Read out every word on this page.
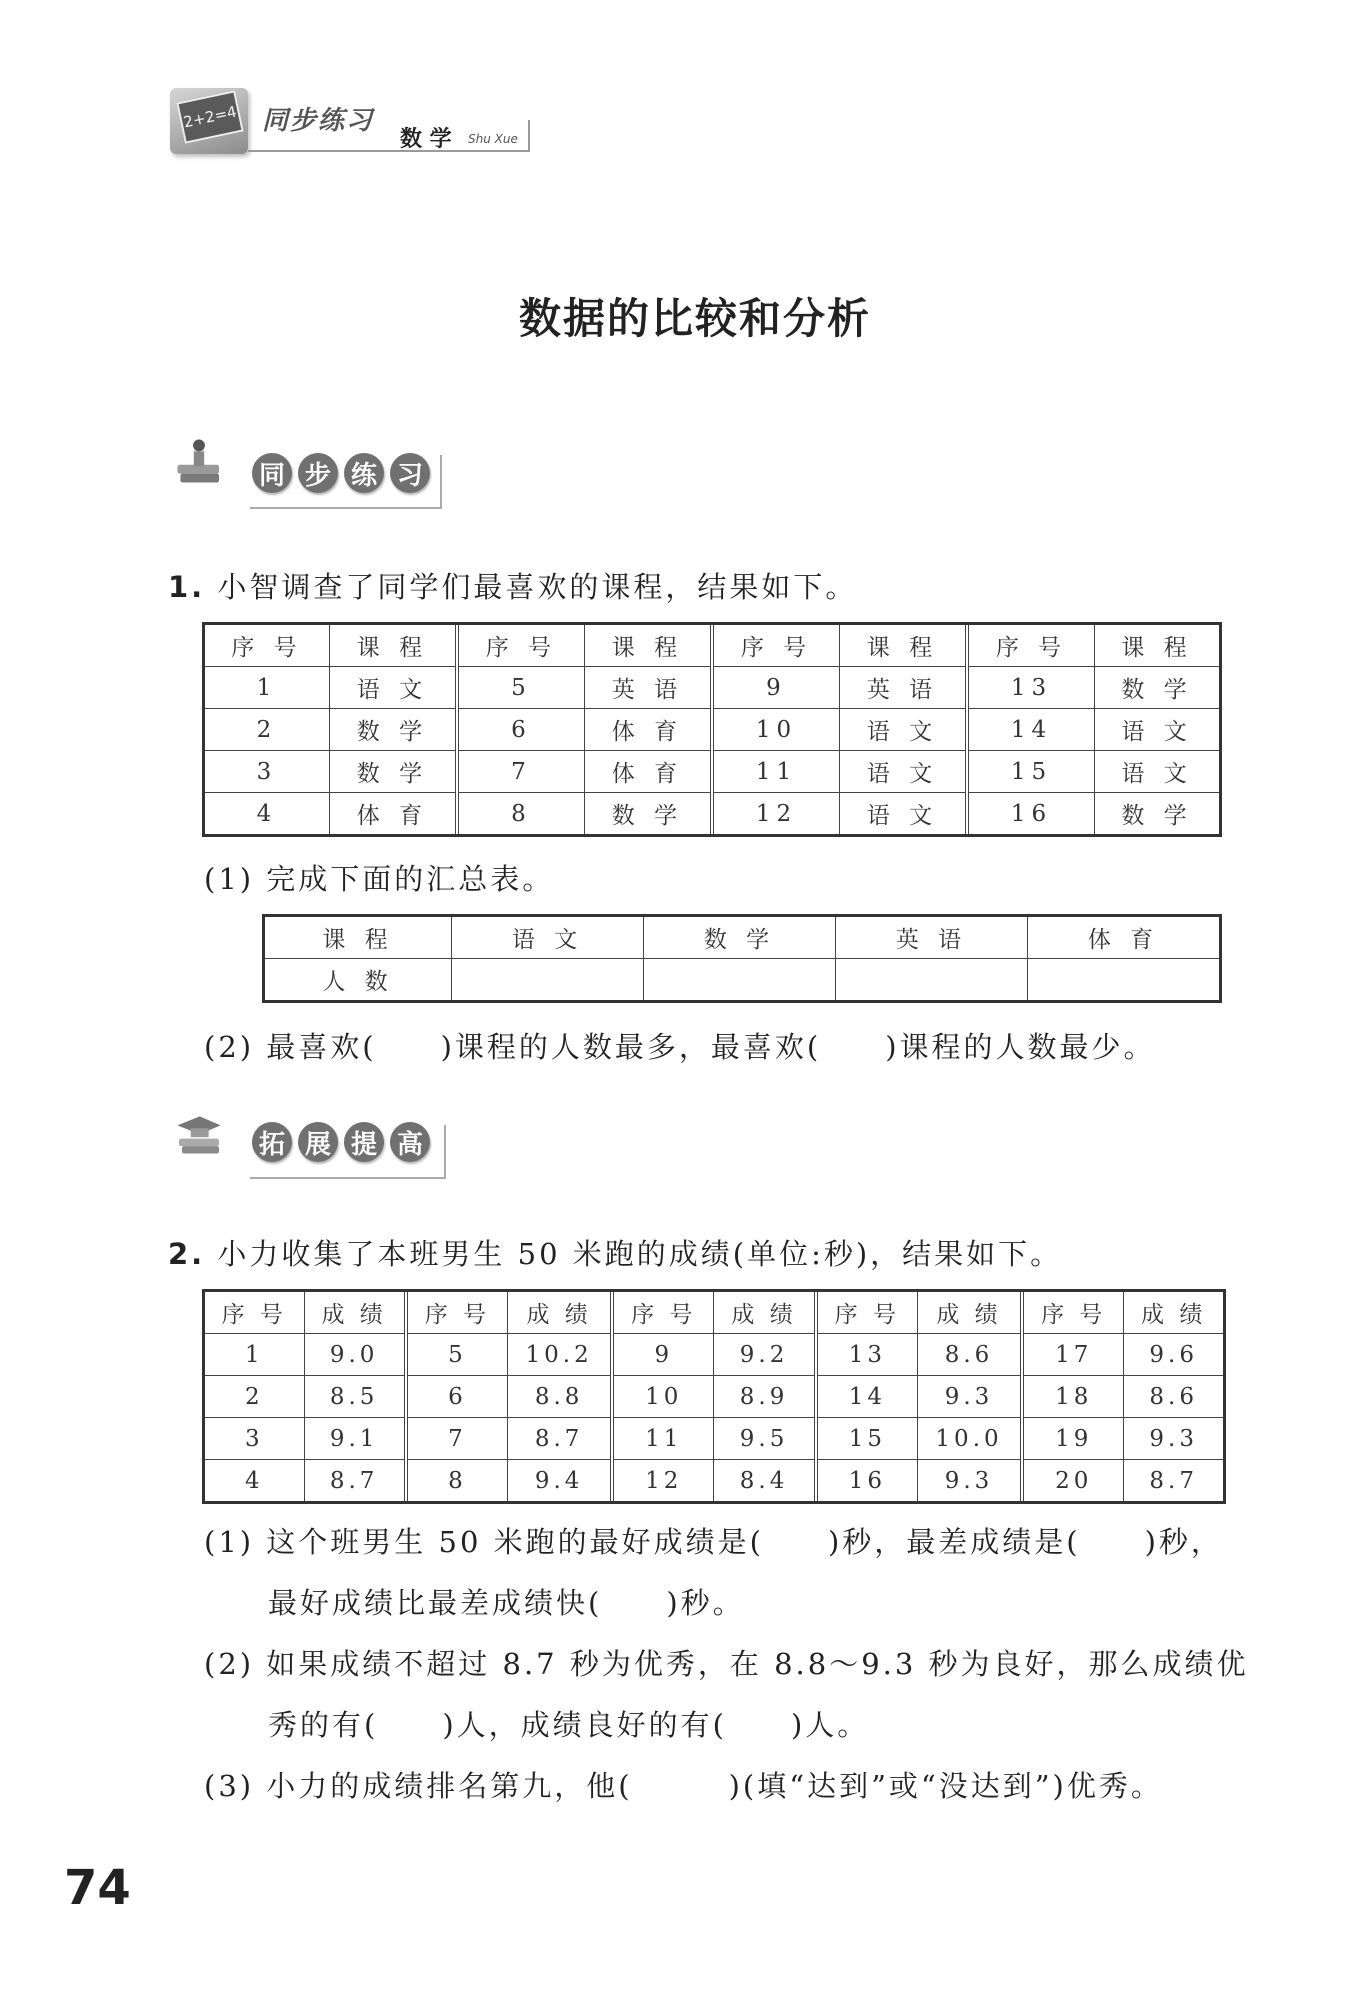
2+2=4 同步练习
数 学 Shu Xue
数据的比较和分析
同 步 练 习
1. 小智调查了同学们最喜欢的课程，结果如下。
序 号	课 程	序 号	课 程	序 号	课 程	序 号	课 程
1	语 文	5	英 语	9	英 语	13	数 学
2	数 学	6	体 育	10	语 文	14	语 文
3	数 学	7	体 育	11	语 文	15	语 文
4	体 育	8	数 学	12	语 文	16	数 学
(1) 完成下面的汇总表。
课 程	语 文	数 学	英 语	体 育
人 数				
(2) 最喜欢(　　)课程的人数最多，最喜欢(　　)课程的人数最少。
拓 展 提 高
2. 小力收集了本班男生 50 米跑的成绩(单位:秒)，结果如下。
序 号	成 绩	序 号	成 绩	序 号	成 绩	序 号	成 绩	序 号	成 绩
1	9.0	5	10.2	9	9.2	13	8.6	17	9.6
2	8.5	6	8.8	10	8.9	14	9.3	18	8.6
3	9.1	7	8.7	11	9.5	15	10.0	19	9.3
4	8.7	8	9.4	12	8.4	16	9.3	20	8.7
(1) 这个班男生 50 米跑的最好成绩是(　　)秒，最差成绩是(　　)秒，
最好成绩比最差成绩快(　　)秒。
(2) 如果成绩不超过 8.7 秒为优秀，在 8.8～9.3 秒为良好，那么成绩优
秀的有(　　)人，成绩良好的有(　　)人。
(3) 小力的成绩排名第九，他(　　　)(填“达到”或“没达到”)优秀。
74
